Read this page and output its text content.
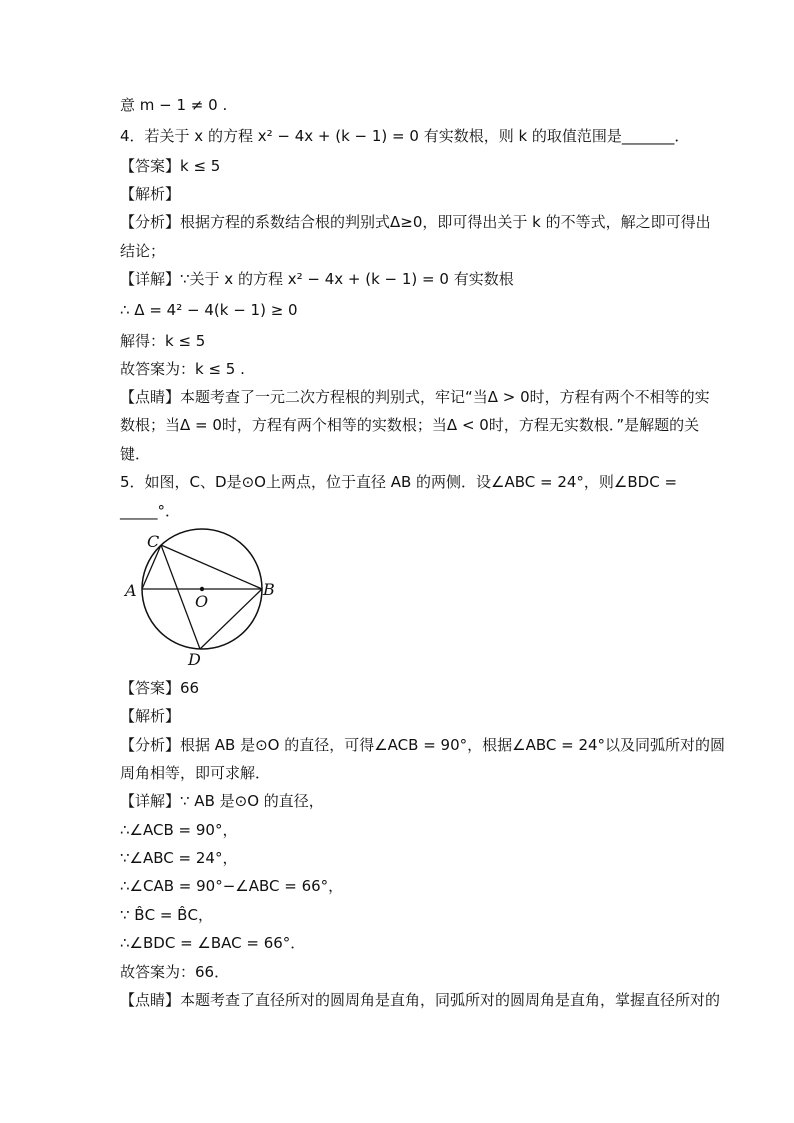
意 m − 1 ≠ 0 .
4．若关于 x 的方程 x² − 4x + (k − 1) = 0 有实数根，则 k 的取值范围是_______．
【答案】k ≤ 5
【解析】
【分析】根据方程的系数结合根的判别式Δ≥0，即可得出关于 k 的不等式，解之即可得出
结论；
【详解】∵关于 x 的方程 x² − 4x + (k − 1) = 0 有实数根
∴ Δ = 4² − 4(k − 1) ≥ 0
解得：k ≤ 5
故答案为：k ≤ 5 .
【点睛】本题考查了一元二次方程根的判别式，牢记“当Δ > 0时，方程有两个不相等的实
数根；当Δ = 0时，方程有两个相等的实数根；当Δ < 0时，方程无实数根．”是解题的关
键．
5．如图，C、D是⊙O上两点，位于直径 AB 的两侧．设∠ABC = 24°，则∠BDC =
_____°．
C
A
O
B
D
【答案】66
【解析】
【分析】根据 AB 是⊙O 的直径，可得∠ACB = 90°，根据∠ABC = 24°以及同弧所对的圆
周角相等，即可求解．
【详解】∵ AB 是⊙O 的直径，
∴∠ACB = 90°，
∵∠ABC = 24°，
∴∠CAB = 90°−∠ABC = 66°，
∵ B̂C = B̂C，
∴∠BDC = ∠BAC = 66°．
故答案为：66．
【点睛】本题考查了直径所对的圆周角是直角，同弧所对的圆周角是直角，掌握直径所对的
